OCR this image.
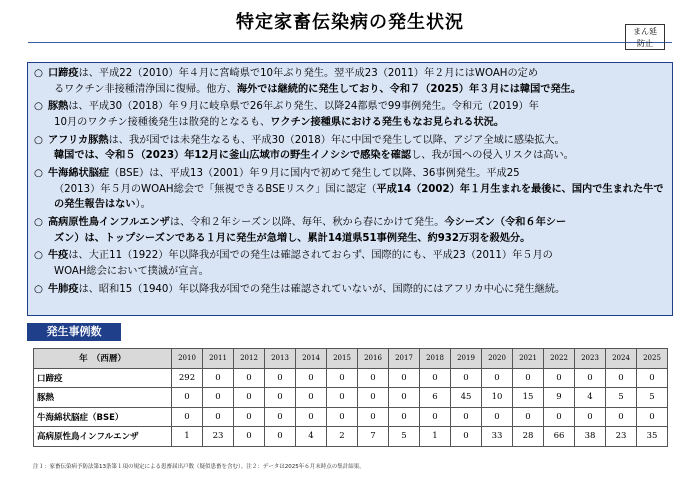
特定家畜伝染病の発生状況	まん延
防止
○ 口蹄疫は、平成22（2010）年４月に宮崎県で10年ぶり発生。翌平成23（2011）年２月にはWOAHの定め
るワクチン非接種清浄国に復帰。他方、海外では継続的に発生しており、令和７（2025）年３月には韓国で発生。
○ 豚熱は、平成30（2018）年９月に岐阜県で26年ぶり発生、以降24都県で99事例発生。令和元（2019）年
10月のワクチン接種後発生は散発的となるも、ワクチン接種県における発生もなお見られる状況。
○ アフリカ豚熱は、我が国では未発生なるも、平成30（2018）年に中国で発生して以降、アジア全域に感染拡大。
韓国では、令和５（2023）年12月に釜山広域市の野生イノシシで感染を確認し、我が国への侵入リスクは高い。
○ 牛海綿状脳症（BSE）は、平成13（2001）年９月に国内で初めて発生して以降、36事例発生。平成25
（2013）年５月のWOAH総会で「無視できるBSEリスク」国に認定（平成14（2002）年１月生まれを最後に、国内で生まれた牛での発生報告はない）。
○ 高病原性鳥インフルエンザは、令和２年シーズン以降、毎年、秋から春にかけて発生。今シーズン（令和６年シー
ズン）は、トップシーズンである１月に発生が急増し、累計14道県51事例発生、約932万羽を殺処分。
○ 牛疫は、大正11（1922）年以降我が国での発生は確認されておらず、国際的にも、平成23（2011）年５月の
WOAH総会において撲滅が宣言。
○ 牛肺疫は、昭和15（1940）年以降我が国での発生は確認されていないが、国際的にはアフリカ中心に発生継続。
発生事例数
年　（西暦）	2010	2011	2012	2013	2014	2015	2016	2017	2018	2019	2020	2021	2022	2023	2024	2025
口蹄疫	292	0	0	0	0	0	0	0	0	0	0	0	0	0	0	0
豚熱	0	0	0	0	0	0	0	0	6	45	10	15	9	4	5	5
牛海綿状脳症（BSE）	0	0	0	0	0	0	0	0	0	0	0	0	0	0	0	0
高病原性鳥インフルエンザ	1	23	0	0	4	2	7	5	1	0	33	28	66	38	23	35
注１：家畜伝染病予防法第13条第１項の規定による患畜届出戸数（疑似患畜を含む）。注２：データは2025年６月末時点の集計結果。
